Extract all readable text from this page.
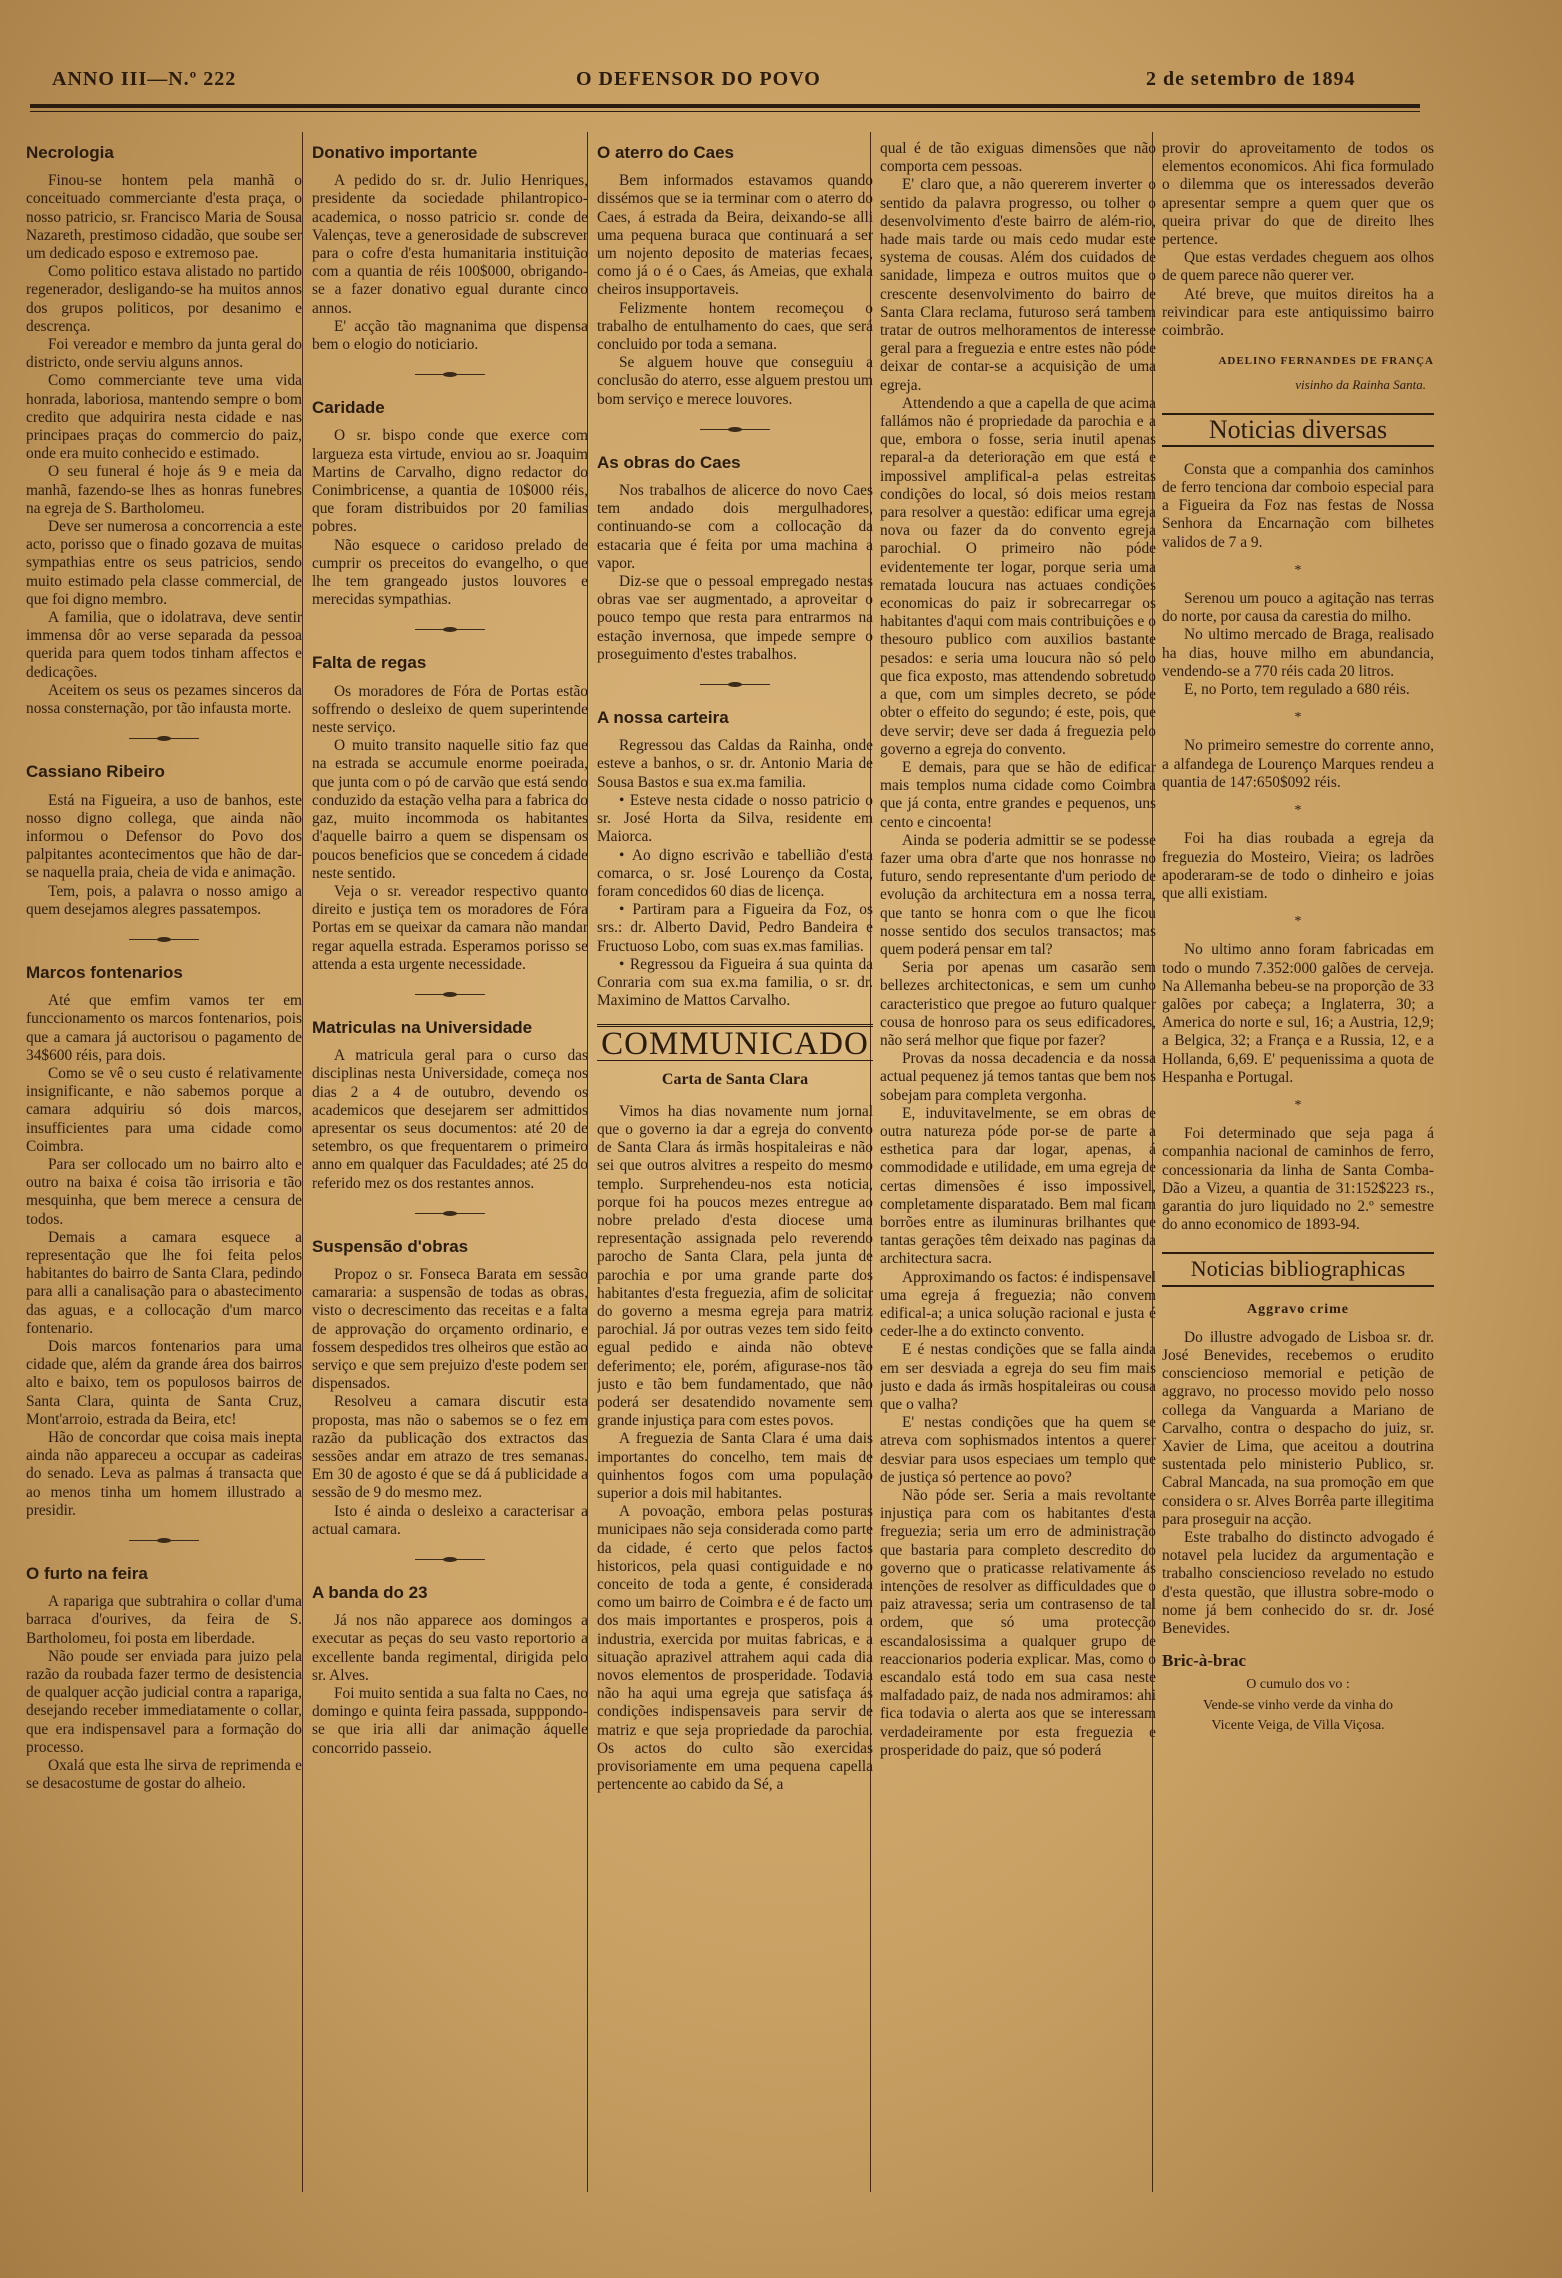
ANNO III—N.º 222	O DEFENSOR DO POVO	2 de setembro de 1894
Necrologia

Finou-se hontem pela manhã o conceituado commerciante d'esta praça, o nosso patricio, sr. Francisco Maria de Sousa Nazareth, prestimoso cidadão, que soube ser um dedicado esposo e extremoso pae.

Como politico estava alistado no partido regenerador, desligando-se ha muitos annos dos grupos politicos, por desanimo e descrença.

Foi vereador e membro da junta geral do districto, onde serviu alguns annos.

Como commerciante teve uma vida honrada, laboriosa, mantendo sempre o bom credito que adquirira nesta cidade e nas principaes praças do commercio do paiz, onde era muito conhecido e estimado.

O seu funeral é hoje ás 9 e meia da manhã, fazendo-se lhes as honras funebres na egreja de S. Bartholomeu.

Deve ser numerosa a concorrencia a este acto, porisso que o finado gozava de muitas sympathias entre os seus patricios, sendo muito estimado pela classe commercial, de que foi digno membro.

A familia, que o idolatrava, deve sentir immensa dôr ao verse separada da pessoa querida para quem todos tinham affectos e dedicações.

Aceitem os seus os pezames sinceros da nossa consternação, por tão infausta morte.

Cassiano Ribeiro

Está na Figueira, a uso de banhos, este nosso digno collega, que ainda não informou o Defensor do Povo dos palpitantes acontecimentos que hão de dar-se naquella praia, cheia de vida e animação.

Tem, pois, a palavra o nosso amigo a quem desejamos alegres passatempos.

Marcos fontenarios

Até que emfim vamos ter em funccionamento os marcos fontenarios, pois que a camara já auctorisou o pagamento de 34$600 réis, para dois.

Como se vê o seu custo é relativamente insignificante, e não sabemos porque a camara adquiriu só dois marcos, insufficientes para uma cidade como Coimbra.

Para ser collocado um no bairro alto e outro na baixa é coisa tão irrisoria e tão mesquinha, que bem merece a censura de todos.

Demais a camara esquece a representação que lhe foi feita pelos habitantes do bairro de Santa Clara, pedindo para alli a canalisação para o abastecimento das aguas, e a collocação d'um marco fontenario.

Dois marcos fontenarios para uma cidade que, além da grande área dos bairros alto e baixo, tem os populosos bairros de Santa Clara, quinta de Santa Cruz, Mont'arroio, estrada da Beira, etc!

Hão de concordar que coisa mais inepta ainda não appareceu a occupar as cadeiras do senado. Leva as palmas á transacta que ao menos tinha um homem illustrado a presidir.

O furto na feira

A rapariga que subtrahira o collar d'uma barraca d'ourives, da feira de S. Bartholomeu, foi posta em liberdade.

Não poude ser enviada para juizo pela razão da roubada fazer termo de desistencia de qualquer acção judicial contra a rapariga, desejando receber immediatamente o collar, que era indispensavel para a formação do processo.

Oxalá que esta lhe sirva de reprimenda e se desacostume de gostar do alheio.

Donativo importante

A pedido do sr. dr. Julio Henriques, presidente da sociedade philantropico-academica, o nosso patricio sr. conde de Valenças, teve a generosidade de subscrever para o cofre d'esta humanitaria instituição com a quantia de réis 100$000, obrigando-se a fazer donativo egual durante cinco annos.

E' acção tão magnanima que dispensa bem o elogio do noticiario.

Caridade

O sr. bispo conde que exerce com largueza esta virtude, enviou ao sr. Joaquim Martins de Carvalho, digno redactor do Conimbricense, a quantia de 10$000 réis, que foram distribuidos por 20 familias pobres.

Não esquece o caridoso prelado de cumprir os preceitos do evangelho, o que lhe tem grangeado justos louvores e merecidas sympathias.

Falta de regas

Os moradores de Fóra de Portas estão soffrendo o desleixo de quem superintende neste serviço.

O muito transito naquelle sitio faz que na estrada se accumule enorme poeirada, que junta com o pó de carvão que está sendo conduzido da estação velha para a fabrica do gaz, muito incommoda os habitantes d'aquelle bairro a quem se dispensam os poucos beneficios que se concedem á cidade neste sentido.

Veja o sr. vereador respectivo quanto direito e justiça tem os moradores de Fóra Portas em se queixar da camara não mandar regar aquella estrada. Esperamos porisso se attenda a esta urgente necessidade.

Matriculas na Universidade

A matricula geral para o curso das disciplinas nesta Universidade, começa nos dias 2 a 4 de outubro, devendo os academicos que desejarem ser admittidos apresentar os seus documentos: até 20 de setembro, os que frequentarem o primeiro anno em qualquer das Faculdades; até 25 do referido mez os dos restantes annos.

Suspensão d'obras

Propoz o sr. Fonseca Barata em sessão camararia: a suspensão de todas as obras, visto o decrescimento das receitas e a falta de approvação do orçamento ordinario, e fossem despedidos tres olheiros que estão ao serviço e que sem prejuizo d'este podem ser dispensados.

Resolveu a camara discutir esta proposta, mas não o sabemos se o fez em razão da publicação dos extractos das sessões andar em atrazo de tres semanas. Em 30 de agosto é que se dá á publicidade a sessão de 9 do mesmo mez.

Isto é ainda o desleixo a caracterisar a actual camara.

A banda do 23

Já nos não apparece aos domingos a executar as peças do seu vasto reportorio a excellente banda regimental, dirigida pelo sr. Alves.

Foi muito sentida a sua falta no Caes, no domingo e quinta feira passada, supppondo-se que iria alli dar animação áquelle concorrido passeio.

O aterro do Caes

Bem informados estavamos quando dissémos que se ia terminar com o aterro do Caes, á estrada da Beira, deixando-se alli uma pequena buraca que continuará a ser um nojento deposito de materias fecaes, como já o é o Caes, ás Ameias, que exhala cheiros insupportaveis.

Felizmente hontem recomeçou o trabalho de entulhamento do caes, que será concluido por toda a semana.

Se alguem houve que conseguiu a conclusão do aterro, esse alguem prestou um bom serviço e merece louvores.

As obras do Caes

Nos trabalhos de alicerce do novo Caes tem andado dois mergulhadores, continuando-se com a collocação da estacaria que é feita por uma machina a vapor.

Diz-se que o pessoal empregado nestas obras vae ser augmentado, a aproveitar o pouco tempo que resta para entrarmos na estação invernosa, que impede sempre o proseguimento d'estes trabalhos.

A nossa carteira

Regressou das Caldas da Rainha, onde esteve a banhos, o sr. dr. Antonio Maria de Sousa Bastos e sua ex.ma familia.

• Esteve nesta cidade o nosso patricio o sr. José Horta da Silva, residente em Maiorca.

• Ao digno escrivão e tabellião d'esta comarca, o sr. José Lourenço da Costa, foram concedidos 60 dias de licença.

• Partiram para a Figueira da Foz, os srs.: dr. Alberto David, Pedro Bandeira e Fructuoso Lobo, com suas ex.mas familias.

• Regressou da Figueira á sua quinta da Conraria com sua ex.ma familia, o sr. dr. Maximino de Mattos Carvalho.

COMMUNICADO
Carta de Santa Clara

Vimos ha dias novamente num jornal que o governo ia dar a egreja do convento de Santa Clara ás irmãs hospitaleiras e não sei que outros alvitres a respeito do mesmo templo. Surprehendeu-nos esta noticia, porque foi ha poucos mezes entregue ao nobre prelado d'esta diocese uma representação assignada pelo reverendo parocho de Santa Clara, pela junta de parochia e por uma grande parte dos habitantes d'esta freguezia, afim de solicitar do governo a mesma egreja para matriz parochial. Já por outras vezes tem sido feito egual pedido e ainda não obteve deferimento; ele, porém, afigurase-nos tão justo e tão bem fundamentado, que não poderá ser desatendido novamente sem grande injustiça para com estes povos.

A freguezia de Santa Clara é uma dais importantes do concelho, tem mais de quinhentos fogos com uma população superior a dois mil habitantes.

A povoação, embora pelas posturas municipaes não seja considerada como parte da cidade, é certo que pelos factos historicos, pela quasi contiguidade e no conceito de toda a gente, é considerada como um bairro de Coimbra e é de facto um dos mais importantes e prosperos, pois a industria, exercida por muitas fabricas, e a situação aprazivel attrahem aqui cada dia novos elementos de prosperidade. Todavia não ha aqui uma egreja que satisfaça ás condições indispensaveis para servir de matriz e que seja propriedade da parochia. Os actos do culto são exercidas provisoriamente em uma pequena capella pertencente ao cabido da Sé, a

qual é de tão exiguas dimensões que não comporta cem pessoas.

E' claro que, a não quererem inverter o sentido da palavra progresso, ou tolher o desenvolvimento d'este bairro de além-rio, hade mais tarde ou mais cedo mudar este systema de cousas. Além dos cuidados de sanidade, limpeza e outros muitos que o crescente desenvolvimento do bairro de Santa Clara reclama, futuroso será tambem tratar de outros melhoramentos de interesse geral para a freguezia e entre estes não póde deixar de contar-se a acquisição de uma egreja.

Attendendo a que a capella de que acima fallámos não é propriedade da parochia e a que, embora o fosse, seria inutil apenas reparal-a da deterioração em que está e impossivel amplifical-a pelas estreitas condições do local, só dois meios restam para resolver a questão: edificar uma egreja nova ou fazer da do convento egreja parochial. O primeiro não póde evidentemente ter logar, porque seria uma rematada loucura nas actuaes condições economicas do paiz ir sobrecarregar os habitantes d'aqui com mais contribuições e o thesouro publico com auxilios bastante pesados: e seria uma loucura não só pelo que fica exposto, mas attendendo sobretudo a que, com um simples decreto, se póde obter o effeito do segundo; é este, pois, que deve servir; deve ser dada á freguezia pelo governo a egreja do convento.

E demais, para que se hão de edificar mais templos numa cidade como Coimbra que já conta, entre grandes e pequenos, uns cento e cincoenta!

Ainda se poderia admittir se se podesse fazer uma obra d'arte que nos honrasse no futuro, sendo representante d'um periodo de evolução da architectura em a nossa terra, que tanto se honra com o que lhe ficou nosse sentido dos seculos transactos; mas quem poderá pensar em tal?

Seria por apenas um casarão sem bellezes architectonicas, e sem um cunho caracteristico que pregoe ao futuro qualquer cousa de honroso para os seus edificadores, não será melhor que fique por fazer?

Provas da nossa decadencia e da nossa actual pequenez já temos tantas que bem nos sobejam para completa vergonha.

E, induvitavelmente, se em obras de outra natureza póde por-se de parte a esthetica para dar logar, apenas, á commodidade e utilidade, em uma egreja de certas dimensões é isso impossivel, completamente disparatado. Bem mal ficam borrões entre as iluminuras brilhantes que tantas gerações têm deixado nas paginas da architectura sacra.

Approximando os factos: é indispensavel uma egreja á freguezia; não convem edifical-a; a unica solução racional e justa é ceder-lhe a do extincto convento.

E é nestas condições que se falla ainda em ser desviada a egreja do seu fim mais justo e dada ás irmãs hospitaleiras ou cousa que o valha?

E' nestas condições que ha quem se atreva com sophismados intentos a querer desviar para usos especiaes um templo que de justiça só pertence ao povo?

Não póde ser. Seria a mais revoltante injustiça para com os habitantes d'esta freguezia; seria um erro de administração que bastaria para completo descredito do governo que o praticasse relativamente ás intenções de resolver as difficuldades que o paiz atravessa; seria um contrasenso de tal ordem, que só uma protecção escandalosissima a qualquer grupo de reaccionarios poderia explicar. Mas, como o escandalo está todo em sua casa neste malfadado paiz, de nada nos admiramos: ahi fica todavia o alerta aos que se interessam verdadeiramente por esta freguezia e prosperidade do paiz, que só poderá

provir do aproveitamento de todos os elementos economicos. Ahi fica formulado o dilemma que os interessados deverão apresentar sempre a quem quer que os queira privar do que de direito lhes pertence.

Que estas verdades cheguem aos olhos de quem parece não querer ver.

Até breve, que muitos direitos ha a reivindicar para este antiquissimo bairro coimbrão.

ADELINO FERNANDES DE FRANÇA
visinho da Rainha Santa.
Noticias diversas

Consta que a companhia dos caminhos de ferro tenciona dar comboio especial para a Figueira da Foz nas festas de Nossa Senhora da Encarnação com bilhetes validos de 7 a 9.

*

Serenou um pouco a agitação nas terras do norte, por causa da carestia do milho.

No ultimo mercado de Braga, realisado ha dias, houve milho em abundancia, vendendo-se a 770 réis cada 20 litros.

E, no Porto, tem regulado a 680 réis.

*

No primeiro semestre do corrente anno, a alfandega de Lourenço Marques rendeu a quantia de 147:650$092 réis.

*

Foi ha dias roubada a egreja da freguezia do Mosteiro, Vieira; os ladrões apoderaram-se de todo o dinheiro e joias que alli existiam.

*

No ultimo anno foram fabricadas em todo o mundo 7.352:000 galões de cerveja. Na Allemanha bebeu-se na proporção de 33 galões por cabeça; a Inglaterra, 30; a America do norte e sul, 16; a Austria, 12,9; a Belgica, 32; a França e a Russia, 12, e a Hollanda, 6,69. E' pequenissima a quota de Hespanha e Portugal.

*

Foi determinado que seja paga á companhia nacional de caminhos de ferro, concessionaria da linha de Santa Comba-Dão a Vizeu, a quantia de 31:152$223 rs., garantia do juro liquidado no 2.º semestre do anno economico de 1893-94.

Noticias bibliographicas
Aggravo crime

Do illustre advogado de Lisboa sr. dr. José Benevides, recebemos o erudito conscienciosо memorial e petição de aggravo, no processo movido pelo nosso collega da Vanguarda a Mariano de Carvalho, contra o despacho do juiz, sr. Xavier de Lima, que aceitou a doutrina sustentada pelo ministerio Publico, sr. Cabral Mancada, na sua promoção em que considera o sr. Alves Borrêa parte illegitima para proseguir na acção.

Este trabalho do distincto advogado é notavel pela lucidez da argumentação e trabalho consciencioso revelado no estudo d'esta questão, que illustra sobre-modo o nome já bem conhecido do sr. dr. José Benevides.

Bric-à-brac
O cumulo dos vo :
Vende-se vinho verde da vinha do
Vicente Veiga, de Villa Viçosa.
